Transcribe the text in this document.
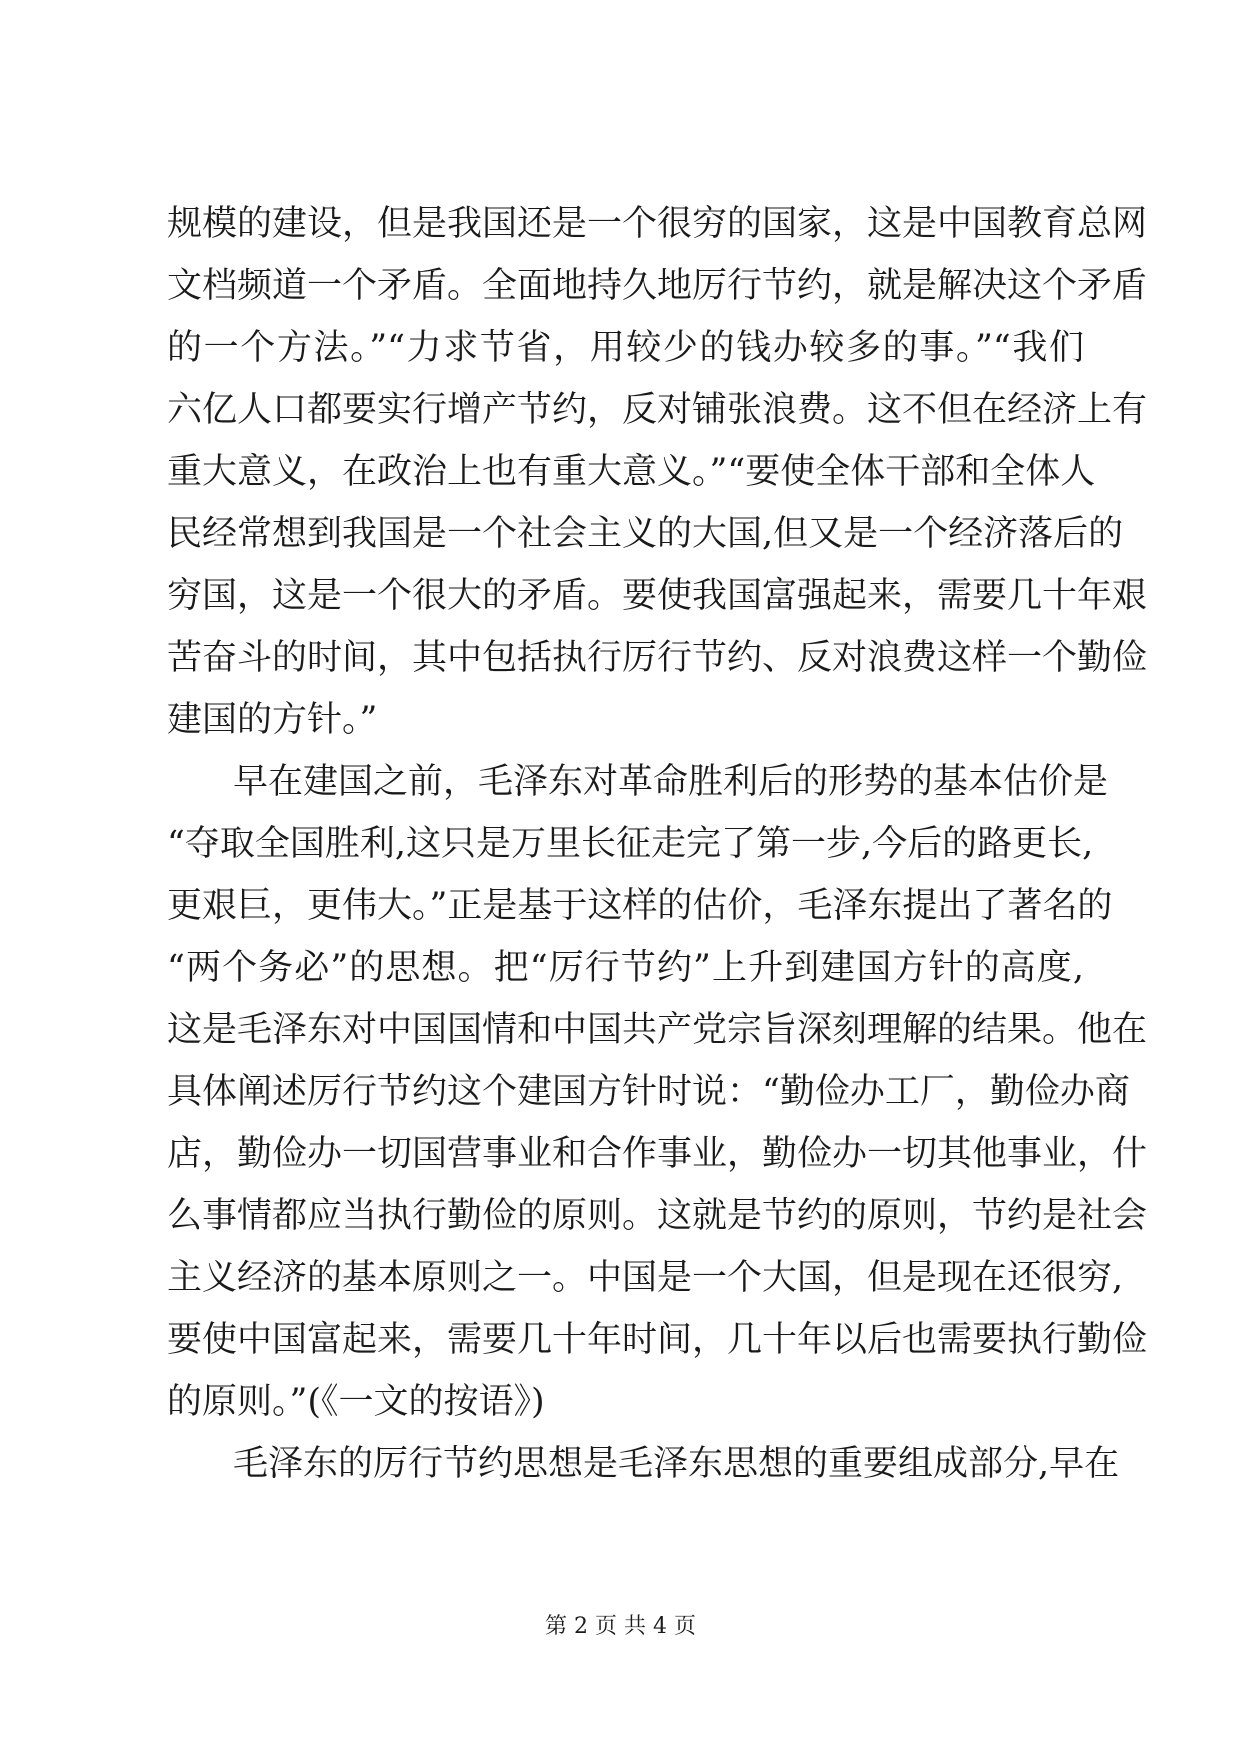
规模的建设，但是我国还是一个很穷的国家，这是中国教育总网

文档频道一个矛盾。全面地持久地厉行节约，就是解决这个矛盾

的一个方法。”“力求节省，用较少的钱办较多的事。”“我们

六亿人口都要实行增产节约，反对铺张浪费。这不但在经济上有

重大意义，在政治上也有重大意义。”“要使全体干部和全体人

民经常想到我国是一个社会主义的大国,但又是一个经济落后的

穷国，这是一个很大的矛盾。要使我国富强起来，需要几十年艰

苦奋斗的时间，其中包括执行厉行节约、反对浪费这样一个勤俭

建国的方针。”

早在建国之前，毛泽东对革命胜利后的形势的基本估价是

“夺取全国胜利,这只是万里长征走完了第一步,今后的路更长,

更艰巨，更伟大。”正是基于这样的估价，毛泽东提出了著名的

“两个务必”的思想。把“厉行节约”上升到建国方针的高度,

这是毛泽东对中国国情和中国共产党宗旨深刻理解的结果。他在

具体阐述厉行节约这个建国方针时说：“勤俭办工厂，勤俭办商

店，勤俭办一切国营事业和合作事业，勤俭办一切其他事业，什

么事情都应当执行勤俭的原则。这就是节约的原则，节约是社会

主义经济的基本原则之一。中国是一个大国，但是现在还很穷,

要使中国富起来，需要几十年时间，几十年以后也需要执行勤俭

的原则。”(《一文的按语》)

毛泽东的厉行节约思想是毛泽东思想的重要组成部分,早在

第 2 页 共 4 页
